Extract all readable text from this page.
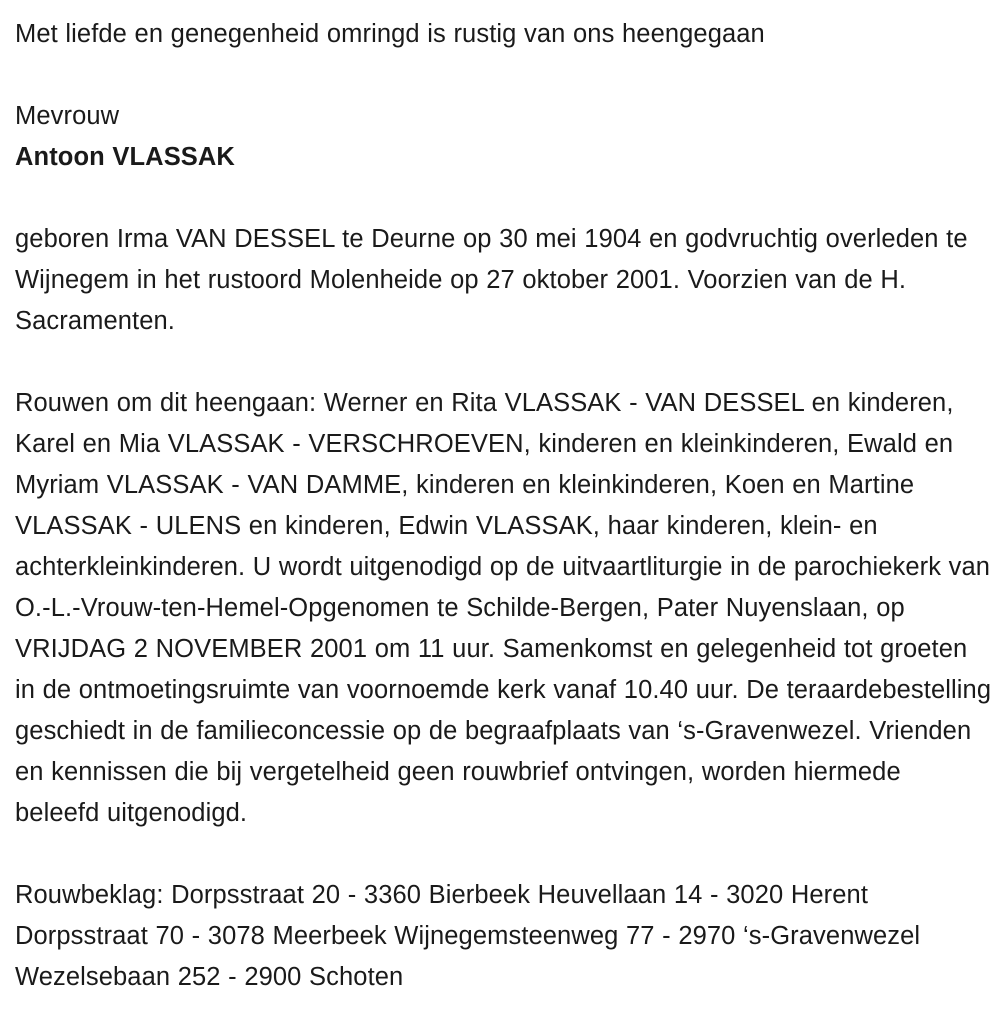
Met liefde en genegenheid omringd is rustig van ons heengegaan

Mevrouw

Antoon VLASSAK

geboren Irma VAN DESSEL te Deurne op 30 mei 1904 en godvruchtig overleden te Wijnegem in het rustoord Molenheide op 27 oktober 2001. Voorzien van de H. Sacramenten.

Rouwen om dit heengaan: Werner en Rita VLASSAK - VAN DESSEL en kinderen, Karel en Mia VLASSAK - VERSCHROEVEN, kinderen en kleinkinderen, Ewald en Myriam VLASSAK - VAN DAMME, kinderen en kleinkinderen, Koen en Martine VLASSAK - ULENS en kinderen, Edwin VLASSAK, haar kinderen, klein- en achterkleinkinderen. U wordt uitgenodigd op de uitvaartliturgie in de parochiekerk van O.-L.-Vrouw-ten-Hemel-Opgenomen te Schilde-Bergen, Pater Nuyenslaan, op VRIJDAG 2 NOVEMBER 2001 om 11 uur. Samenkomst en gelegenheid tot groeten in de ontmoetingsruimte van voornoemde kerk vanaf 10.40 uur. De teraardebestelling geschiedt in de familieconcessie op de begraafplaats van ‘s-Gravenwezel. Vrienden en kennissen die bij vergetelheid geen rouwbrief ontvingen, worden hiermede beleefd uitgenodigd.

Rouwbeklag: Dorpsstraat 20 - 3360 Bierbeek Heuvellaan 14 - 3020 Herent Dorpsstraat 70 - 3078 Meerbeek Wijnegemsteenweg 77 - 2970 ‘s-Gravenwezel Wezelsebaan 252 - 2900 Schoten
